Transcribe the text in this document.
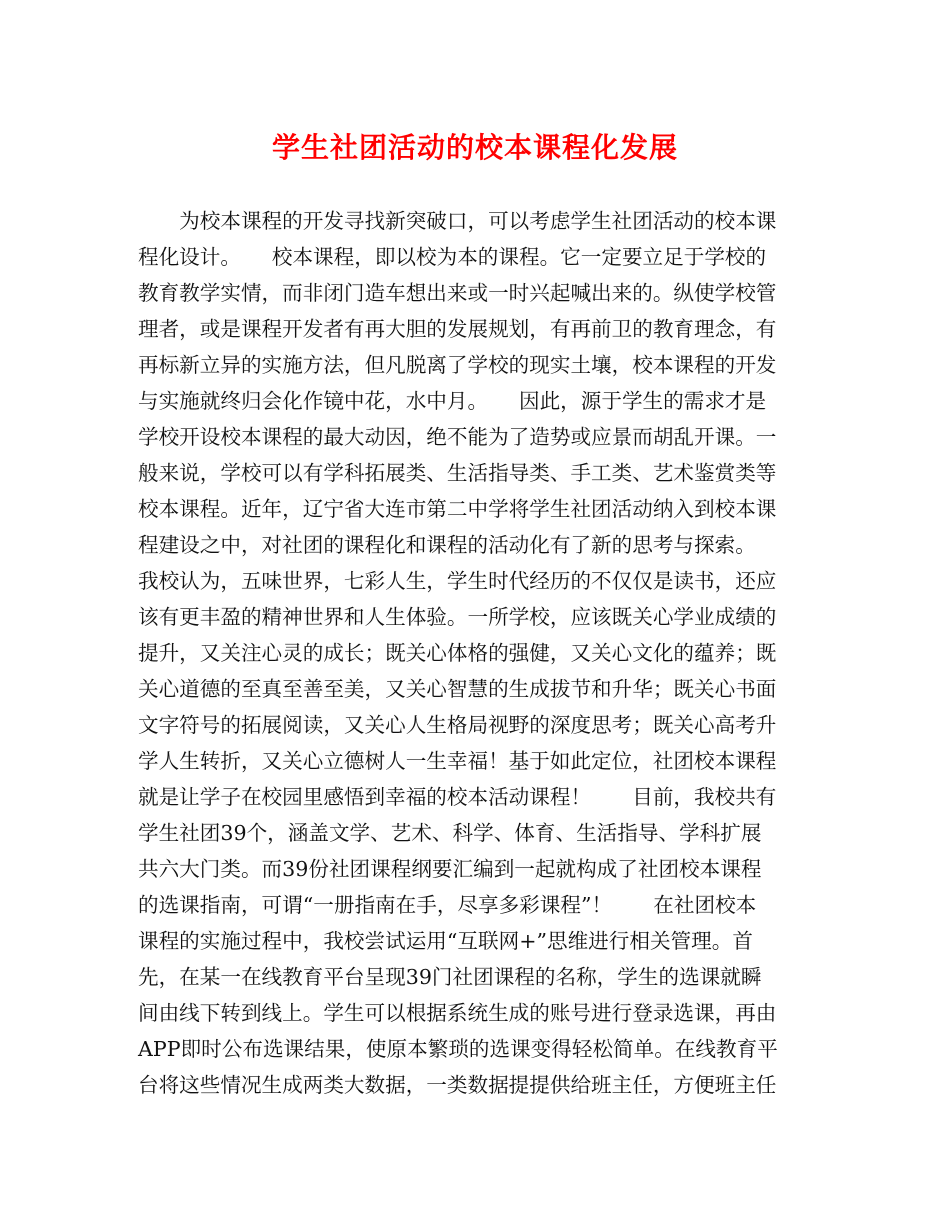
学生社团活动的校本课程化发展
　　为校本课程的开发寻找新突破口，可以考虑学生社团活动的校本课
程化设计。　　校本课程，即以校为本的课程。它一定要立足于学校的
教育教学实情，而非闭门造车想出来或一时兴起喊出来的。纵使学校管
理者，或是课程开发者有再大胆的发展规划，有再前卫的教育理念，有
再标新立异的实施方法，但凡脱离了学校的现实土壤，校本课程的开发
与实施就终归会化作镜中花，水中月。　　因此，源于学生的需求才是
学校开设校本课程的最大动因，绝不能为了造势或应景而胡乱开课。一
般来说，学校可以有学科拓展类、生活指导类、手工类、艺术鉴赏类等
校本课程。近年，辽宁省大连市第二中学将学生社团活动纳入到校本课
程建设之中，对社团的课程化和课程的活动化有了新的思考与探索。
我校认为，五味世界，七彩人生，学生时代经历的不仅仅是读书，还应
该有更丰盈的精神世界和人生体验。一所学校，应该既关心学业成绩的
提升，又关注心灵的成长；既关心体格的强健，又关心文化的蕴养；既
关心道德的至真至善至美，又关心智慧的生成拔节和升华；既关心书面
文字符号的拓展阅读，又关心人生格局视野的深度思考；既关心高考升
学人生转折，又关心立德树人一生幸福！基于如此定位，社团校本课程
就是让学子在校园里感悟到幸福的校本活动课程！　　目前，我校共有
学生社团39个，涵盖文学、艺术、科学、体育、生活指导、学科扩展
共六大门类。而39份社团课程纲要汇编到一起就构成了社团校本课程
的选课指南，可谓“一册指南在手，尽享多彩课程”！　　在社团校本
课程的实施过程中，我校尝试运用“互联网+”思维进行相关管理。首
先，在某一在线教育平台呈现39门社团课程的名称，学生的选课就瞬
间由线下转到线上。学生可以根据系统生成的账号进行登录选课，再由
APP即时公布选课结果，使原本繁琐的选课变得轻松简单。在线教育平
台将这些情况生成两类大数据，一类数据提提供给班主任，方便班主任
